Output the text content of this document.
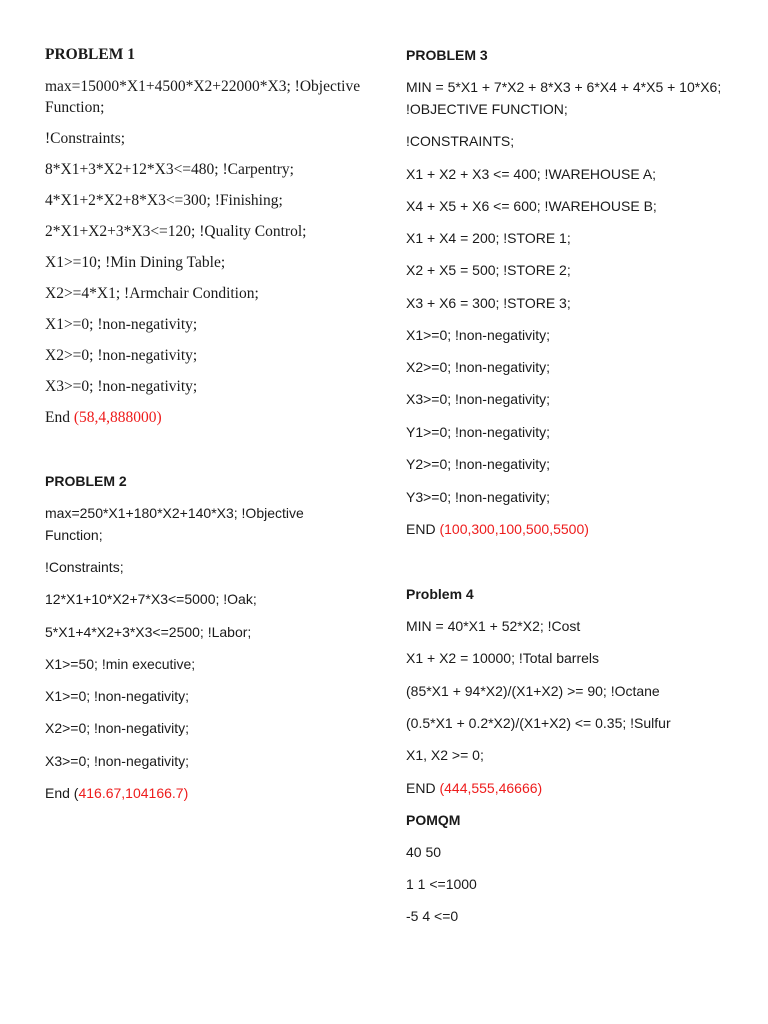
PROBLEM 1
max=15000*X1+4500*X2+22000*X3; !Objective
Function;
!Constraints;
8*X1+3*X2+12*X3<=480; !Carpentry;
4*X1+2*X2+8*X3<=300; !Finishing;
2*X1+X2+3*X3<=120; !Quality Control;
X1>=10; !Min Dining Table;
X2>=4*X1; !Armchair Condition;
X1>=0; !non-negativity;
X2>=0; !non-negativity;
X3>=0; !non-negativity;
End (58,4,888000)
PROBLEM 2
max=250*X1+180*X2+140*X3; !Objective
Function;
!Constraints;
12*X1+10*X2+7*X3<=5000; !Oak;
5*X1+4*X2+3*X3<=2500; !Labor;
X1>=50; !min executive;
X1>=0; !non-negativity;
X2>=0; !non-negativity;
X3>=0; !non-negativity;
End (416.67,104166.7)
PROBLEM 3
MIN = 5*X1 + 7*X2 + 8*X3 + 6*X4 + 4*X5 + 10*X6;
!OBJECTIVE FUNCTION;
!CONSTRAINTS;
X1 + X2 + X3 <= 400; !WAREHOUSE A;
X4 + X5 + X6 <= 600; !WAREHOUSE B;
X1 + X4 = 200; !STORE 1;
X2 + X5 = 500; !STORE 2;
X3 + X6 = 300; !STORE 3;
X1>=0; !non-negativity;
X2>=0; !non-negativity;
X3>=0; !non-negativity;
Y1>=0; !non-negativity;
Y2>=0; !non-negativity;
Y3>=0; !non-negativity;
END (100,300,100,500,5500)
Problem 4
MIN = 40*X1 + 52*X2; !Cost
X1 + X2 = 10000; !Total barrels
(85*X1 + 94*X2)/(X1+X2) >= 90; !Octane
(0.5*X1 + 0.2*X2)/(X1+X2) <= 0.35; !Sulfur
X1, X2 >= 0;
END (444,555,46666)
POMQM
40 50
1 1 <=1000
-5 4 <=0
